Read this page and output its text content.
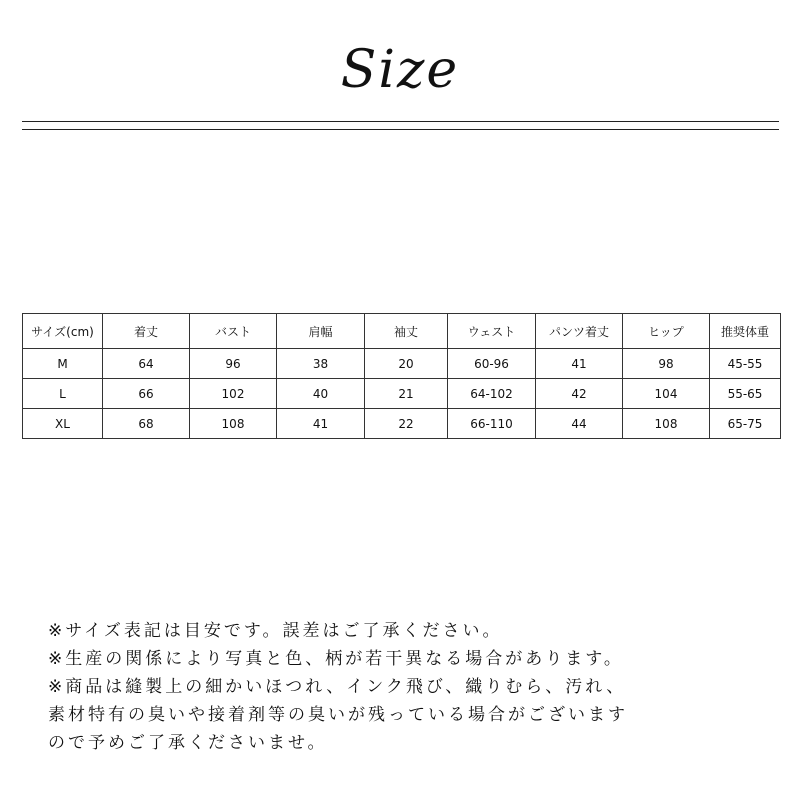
Size
サイズ(cm)	着丈	バスト	肩幅	袖丈	ウェスト	パンツ着丈	ヒップ	推奨体重
M	64	96	38	20	60-96	41	98	45-55
L	66	102	40	21	64-102	42	104	55-65
XL	68	108	41	22	66-110	44	108	65-75
※サイズ表記は目安です。誤差はご了承ください。
※生産の関係により写真と色、柄が若干異なる場合があります。
※商品は縫製上の細かいほつれ、インク飛び、織りむら、汚れ、
素材特有の臭いや接着剤等の臭いが残っている場合がございます
ので予めご了承くださいませ。
